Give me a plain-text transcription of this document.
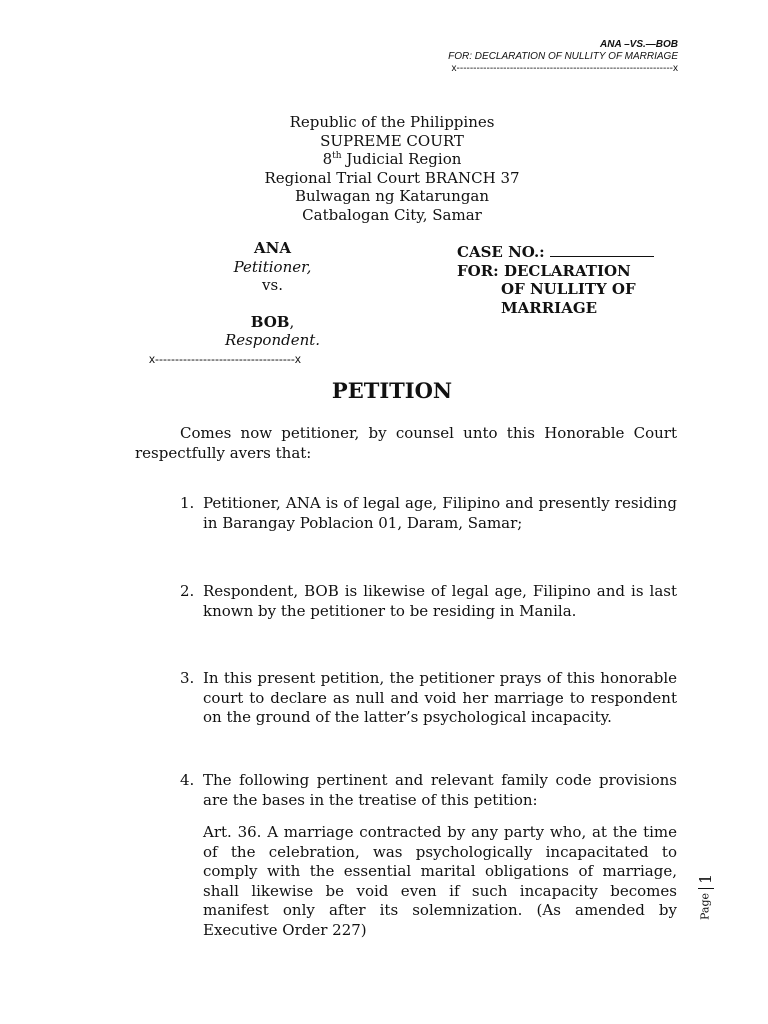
ANA –VS.—BOB
FOR: DECLARATION OF NULLITY OF MARRIAGE
x-----------------------------------------------------------------x
Republic of the Philippines
SUPREME COURT
8th Judicial Region
Regional Trial Court BRANCH 37
Bulwagan ng Katarungan
Catbalogan City, Samar
ANA
Petitioner,
vs.
BOB,
Respondent.
x-----------------------------------x
CASE NO.:
FOR: DECLARATION
OF NULLITY OF
MARRIAGE
PETITION
Comes now petitioner, by counsel unto this Honorable Court respectfully avers that:
1. Petitioner, ANA is of legal age, Filipino and presently residing in Barangay Poblacion 01, Daram, Samar;
2. Respondent, BOB is likewise of legal age, Filipino and is last known by the petitioner to be residing in Manila.
3. In this present petition, the petitioner prays of this honorable court to declare as null and void her marriage to respondent on the ground of the latter’s psychological incapacity.
4. The following pertinent and relevant family code provisions are the bases in the treatise of this petition:
Art. 36. A marriage contracted by any party who, at the time of the celebration, was psychologically incapacitated to comply with the essential marital obligations of marriage, shall likewise be void even if such incapacity becomes manifest only after its solemnization. (As amended by Executive Order 227)
Page1
